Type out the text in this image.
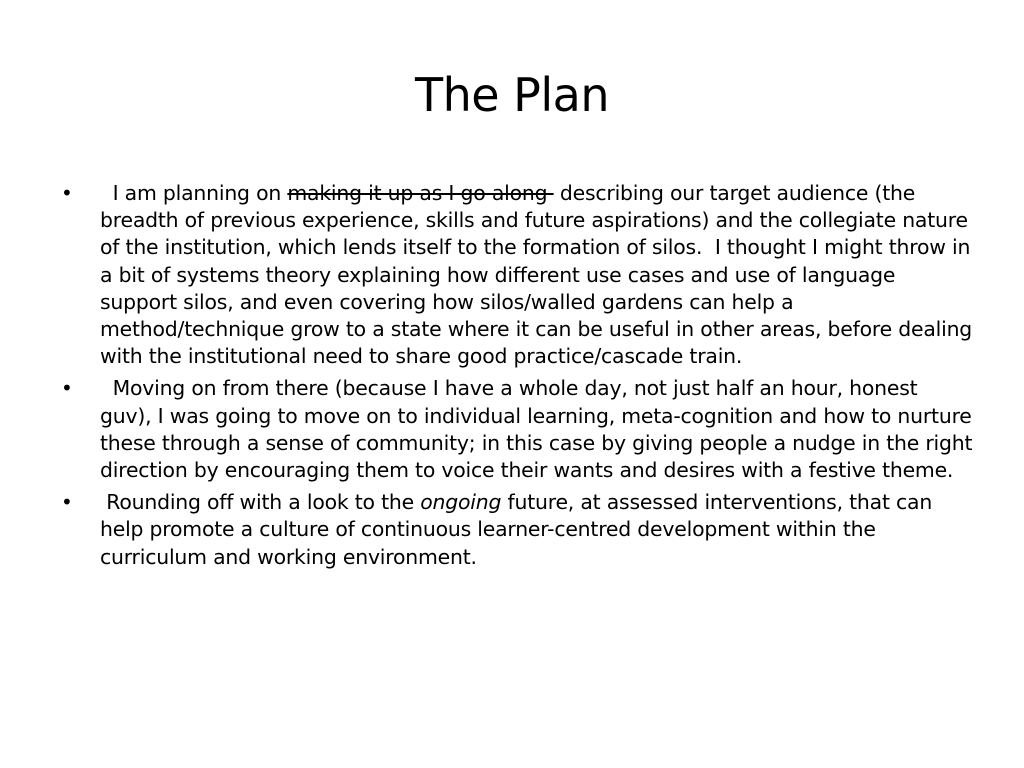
The Plan
• I am planning on making it up as I go along  describing our target audience (the breadth of previous experience, skills and future aspirations) and the collegiate nature of the institution, which lends itself to the formation of silos.  I thought I might throw in a bit of systems theory explaining how different use cases and use of language support silos, and even covering how silos/walled gardens can help a method/technique grow to a state where it can be useful in other areas, before dealing with the institutional need to share good practice/cascade train.
• Moving on from there (because I have a whole day, not just half an hour, honest guv), I was going to move on to individual learning, meta-cognition and how to nurture these through a sense of community; in this case by giving people a nudge in the right direction by encouraging them to voice their wants and desires with a festive theme.
• Rounding off with a look to the ongoing future, at assessed interventions, that can help promote a culture of continuous learner-centred development within the curriculum and working environment.
